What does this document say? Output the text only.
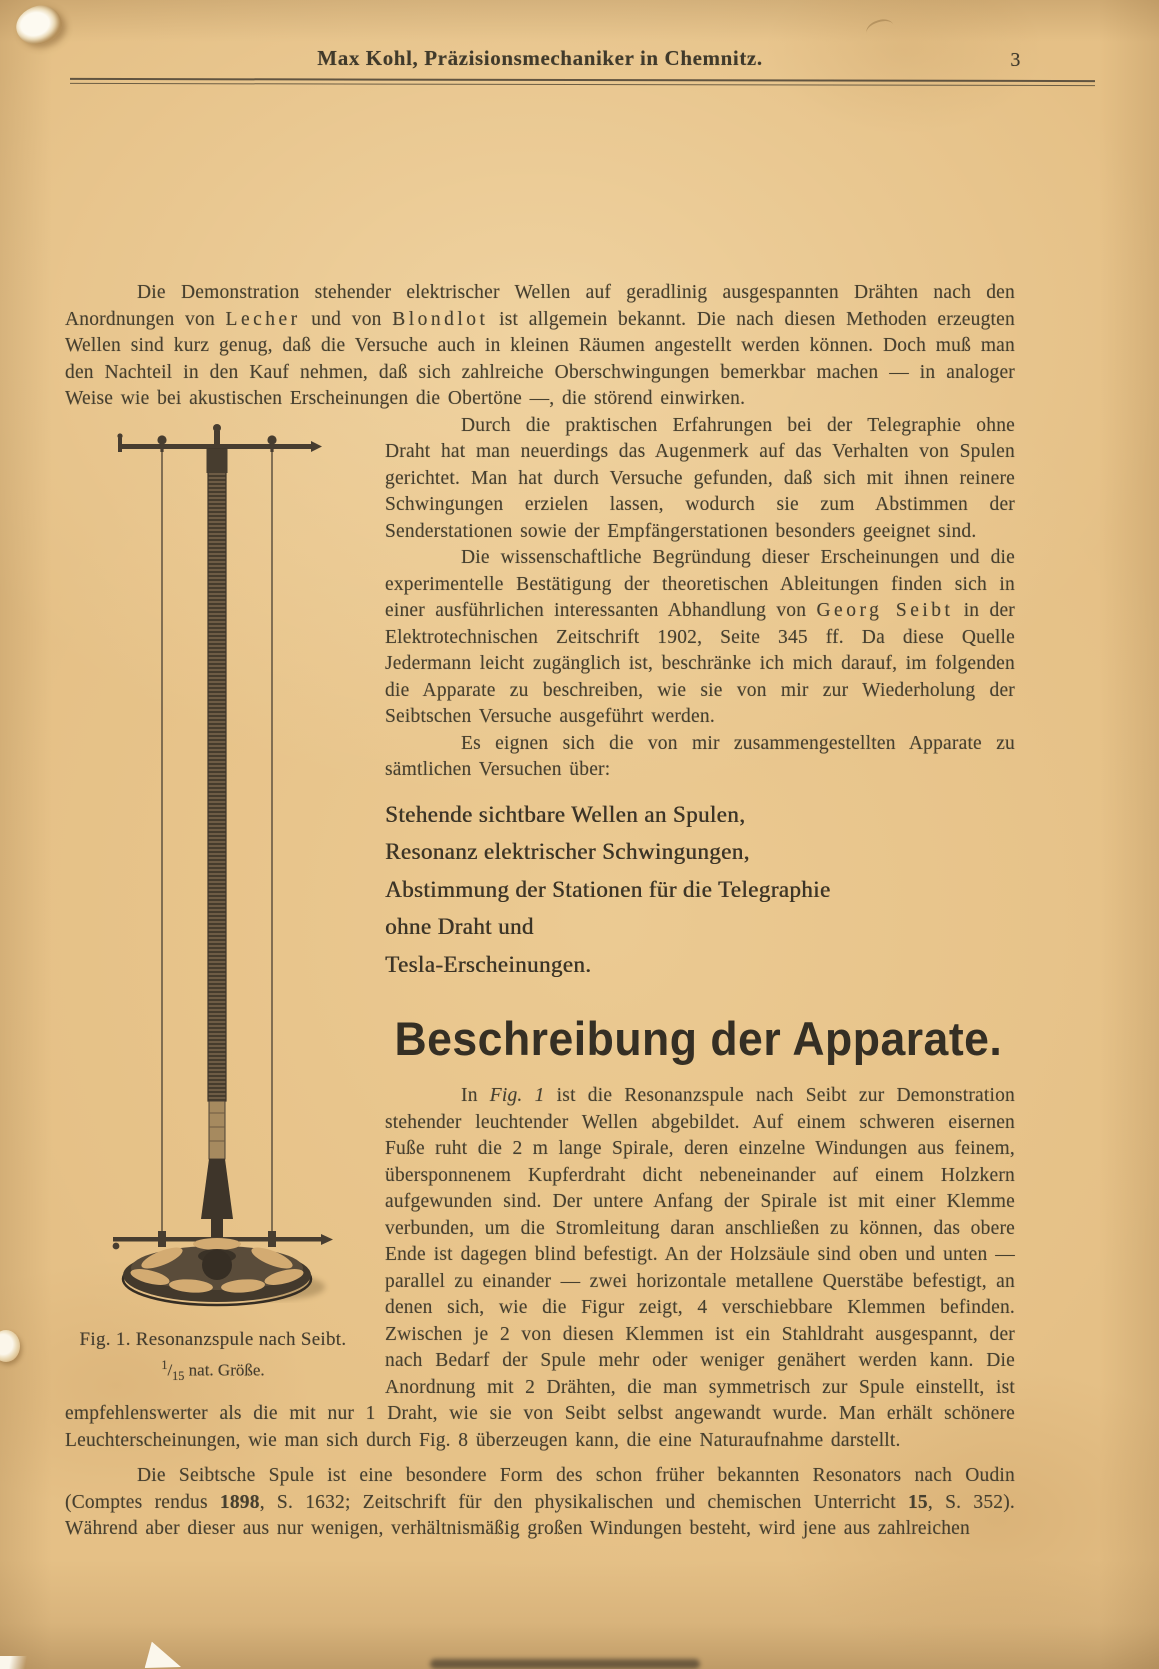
Max Kohl, Präzisionsmechaniker in Chemnitz.	3

Die Demonstration stehender elektrischer Wellen auf geradlinig ausgespannten Drähten nach den Anordnungen von Lecher und von Blondlot ist allgemein bekannt. Die nach diesen Methoden erzeugten Wellen sind kurz genug, daß die Versuche auch in kleinen Räumen angestellt werden können. Doch muß man den Nachteil in den Kauf nehmen, daß sich zahlreiche Oberschwingungen bemerkbar machen — in analoger Weise wie bei akustischen Erscheinungen die Obertöne —, die störend einwirken.

Fig. 1. Resonanzspule nach Seibt.
$^1/_{15}$ nat. Größe.

Durch die praktischen Erfahrungen bei der Telegraphie ohne Draht hat man neuerdings das Augenmerk auf das Verhalten von Spulen gerichtet. Man hat durch Versuche gefunden, daß sich mit ihnen reinere Schwingungen erzielen lassen, wodurch sie zum Abstimmen der Senderstationen sowie der Empfängerstationen besonders geeignet sind.

Die wissenschaftliche Begründung dieser Erscheinungen und die experimentelle Bestätigung der theoretischen Ableitungen finden sich in einer ausführlichen interessanten Abhandlung von Georg Seibt in der Elektrotechnischen Zeitschrift 1902, Seite 345 ff. Da diese Quelle Jedermann leicht zugänglich ist, beschränke ich mich darauf, im folgenden die Apparate zu beschreiben, wie sie von mir zur Wiederholung der Seibtschen Versuche ausgeführt werden.

Es eignen sich die von mir zusammengestellten Apparate zu sämtlichen Versuchen über:

Stehende sichtbare Wellen an Spulen,
Resonanz elektrischer Schwingungen,
Abstimmung der Stationen für die Telegraphie
ohne Draht und
Tesla-Erscheinungen.
Beschreibung der Apparate.

In Fig. 1 ist die Resonanzspule nach Seibt zur Demonstration stehender leuchtender Wellen abgebildet. Auf einem schweren eisernen Fuße ruht die 2 m lange Spirale, deren einzelne Windungen aus feinem, übersponnenem Kupferdraht dicht nebeneinander auf einem Holzkern aufgewunden sind. Der untere Anfang der Spirale ist mit einer Klemme verbunden, um die Stromleitung daran anschließen zu können, das obere Ende ist dagegen blind befestigt. An der Holzsäule sind oben und unten — parallel zu einander — zwei horizontale metallene Querstäbe befestigt, an denen sich, wie die Figur zeigt, 4 verschiebbare Klemmen befinden. Zwischen je 2 von diesen Klemmen ist ein Stahldraht ausgespannt, der nach Bedarf der Spule mehr oder weniger genähert werden kann. Die Anordnung mit 2 Drähten, die man symmetrisch zur Spule einstellt, ist empfehlenswerter als die mit nur 1 Draht, wie sie von Seibt selbst angewandt wurde. Man erhält schönere Leuchterscheinungen, wie man sich durch Fig. 8 überzeugen kann, die eine Naturaufnahme darstellt.

Die Seibtsche Spule ist eine besondere Form des schon früher bekannten Resonators nach Oudin (Comptes rendus 1898, S. 1632; Zeitschrift für den physikalischen und chemischen Unterricht 15, S. 352). Während aber dieser aus nur wenigen, verhältnismäßig großen Windungen besteht, wird jene aus zahlreichen
